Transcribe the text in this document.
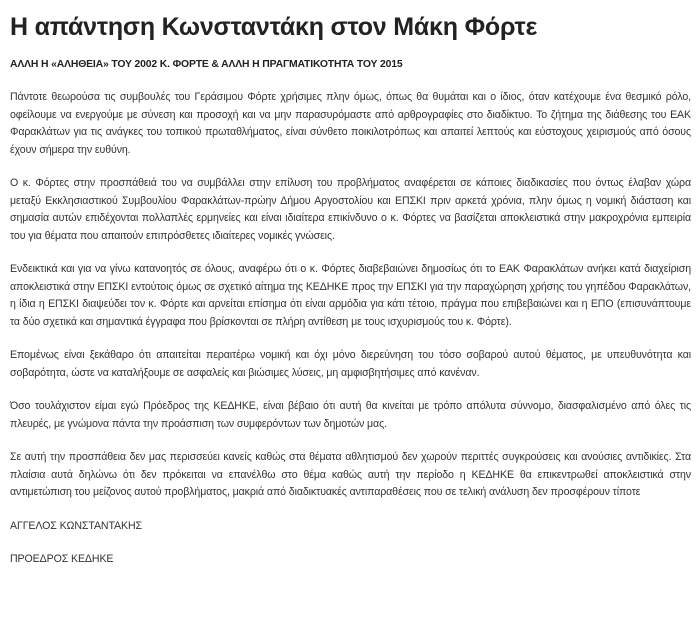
Η απάντηση Κωνσταντάκη στον Μάκη Φόρτε
ΑΛΛΗ Η «ΑΛΗΘΕΙΑ» ΤΟΥ 2002 Κ. ΦΟΡΤΕ & ΑΛΛΗ Η ΠΡΑΓΜΑΤΙΚΟΤΗΤΑ ΤΟΥ 2015

Πάντοτε θεωρούσα τις συμβουλές του Γεράσιμου Φόρτε χρήσιμες πλην όμως, όπως θα θυμάται και ο ίδιος, όταν κατέχουμε ένα θεσμικό ρόλο, οφείλουμε να ενεργούμε με σύνεση και προσοχή και να μην παρασυρόμαστε από αρθρογραφίες στο διαδίκτυο. Το ζήτημα της διάθεσης του ΕΑΚ Φαρακλάτων για τις ανάγκες του τοπικού πρωταθλήματος, είναι σύνθετο ποικιλοτρόπως και απαιτεί λεπτούς και εύστοχους χειρισμούς από όσους έχουν σήμερα την ευθύνη.

Ο κ. Φόρτες στην προσπάθειά του να συμβάλλει στην επίλυση του προβλήματος αναφέρεται σε κάποιες διαδικασίες που όντως έλαβαν χώρα μεταξύ Εκκλησιαστικού Συμβουλίου Φαρακλάτων-πρώην Δήμου Αργοστολίου και ΕΠΣΚΙ πριν αρκετά χρόνια, πλην όμως η νομική διάσταση και σημασία αυτών επιδέχονται πολλαπλές ερμηνείες και είναι ιδιαίτερα επικίνδυνο ο κ. Φόρτες να βασίζεται αποκλειστικά στην μακροχρόνια εμπειρία του για θέματα που απαιτούν επιπρόσθετες ιδιαίτερες νομικές γνώσεις.

Ενδεικτικά και για να γίνω κατανοητός σε όλους, αναφέρω ότι ο κ. Φόρτες διαβεβαιώνει δημοσίως ότι το ΕΑΚ Φαρακλάτων ανήκει κατά διαχείριση αποκλειστικά στην ΕΠΣΚΙ εντούτοις όμως σε σχετικό αίτημα της ΚΕΔΗΚΕ προς την ΕΠΣΚΙ για την παραχώρηση χρήσης του γηπέδου Φαρακλάτων, η ίδια η ΕΠΣΚΙ διαψεύδει τον κ. Φόρτε και αρνείται επίσημα ότι είναι αρμόδια για κάτι τέτοιο, πράγμα που επιβεβαιώνει και η ΕΠΟ (επισυνάπτουμε τα δύο σχετικά και σημαντικά έγγραφα που βρίσκονται σε πλήρη αντίθεση με τους ισχυρισμούς του κ. Φόρτε).

Επομένως είναι ξεκάθαρο ότι απαιτείται περαιτέρω νομική και όχι μόνο διερεύνηση του τόσο σοβαρού αυτού θέματος, με υπευθυνότητα και σοβαρότητα, ώστε να καταλήξουμε σε ασφαλείς και βιώσιμες λύσεις, μη αμφισβητήσιμες από κανέναν.

Όσο τουλάχιστον είμαι εγώ Πρόεδρος της ΚΕΔΗΚΕ, είναι βέβαιο ότι αυτή θα κινείται με τρόπο απόλυτα σύννομο, διασφαλισμένο από όλες τις πλευρές, με γνώμονα πάντα την προάσπιση των συμφερόντων των δημοτών μας.

Σε αυτή την προσπάθεια δεν μας περισσεύει κανείς καθώς στα θέματα αθλητισμού δεν χωρούν περιττές συγκρούσεις και ανούσιες αντιδικίες. Στα πλαίσια αυτά δηλώνω ότι δεν πρόκειται να επανέλθω στο θέμα καθώς αυτή την περίοδο η ΚΕΔΗΚΕ θα επικεντρωθεί αποκλειστικά στην αντιμετώπιση του μείζονος αυτού προβλήματος, μακριά από διαδικτυακές αντιπαραθέσεις που σε τελική ανάλυση δεν προσφέρουν τίποτε

ΑΓΓΕΛΟΣ ΚΩΝΣΤΑΝΤΑΚΗΣ

ΠΡΟΕΔΡΟΣ ΚΕΔΗΚΕ
